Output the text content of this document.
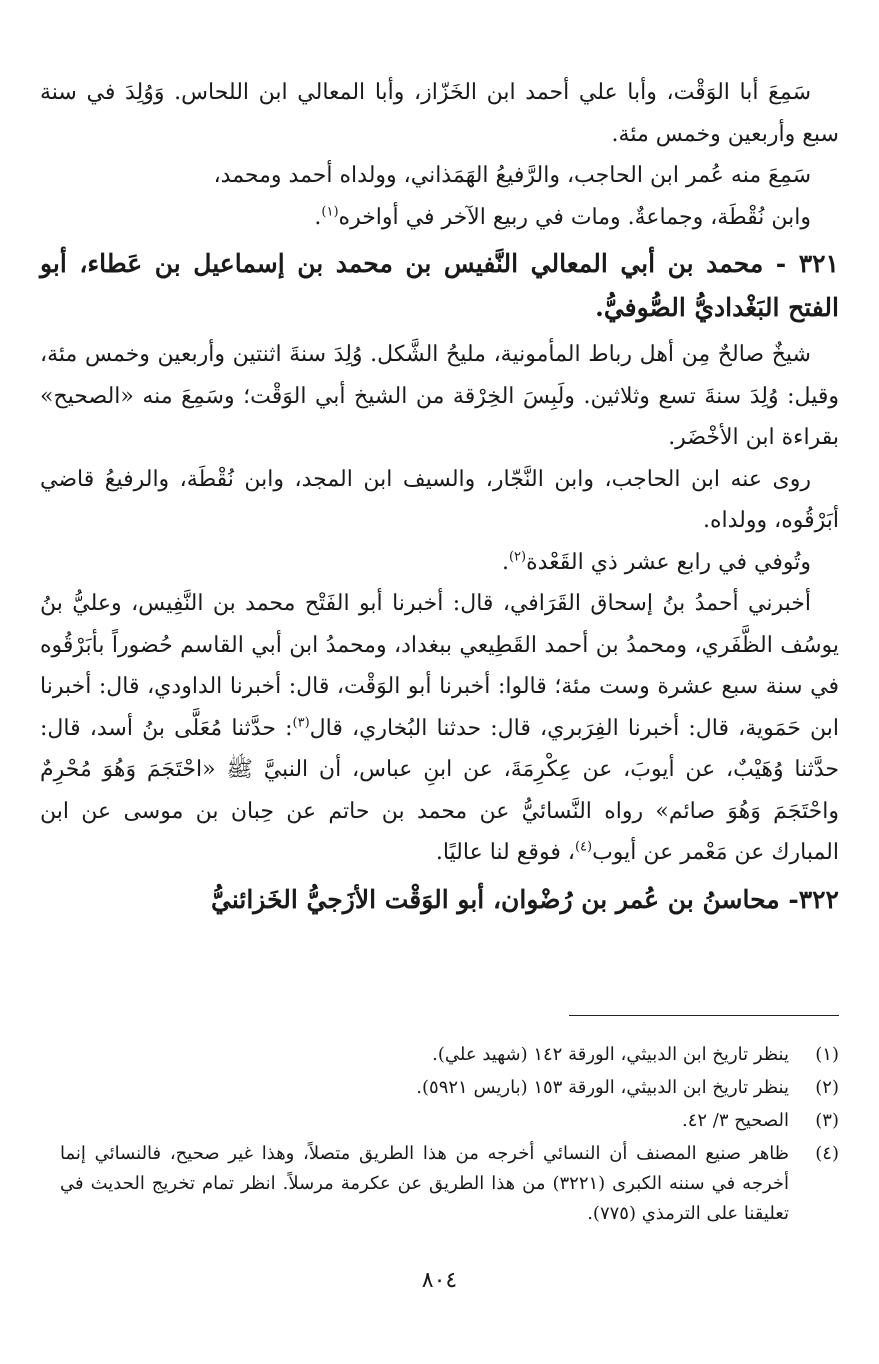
سَمِعَ أبا الوَقْت، وأبا علي أحمد ابن الخَزّاز، وأبا المعالي ابن اللحاس. وَوُلِدَ في سنة سبع وأربعين وخمس مئة.

سَمِعَ منه عُمر ابن الحاجب، والرَّفيعُ الهَمَذاني، وولداه أحمد ومحمد،

وابن نُقْطَة، وجماعةٌ. ومات في ربيع الآخر في أواخره$^{(١)}$.

٣٢١ - محمد بن أبي المعالي النَّفيس بن محمد بن إسماعيل بن عَطاء، أبو الفتح البَغْداديُّ الصُّوفيُّ.

شيخٌ صالحٌ مِن أهل رباط المأمونية، مليحُ الشَّكل. وُلِدَ سنةَ اثنتين وأربعين وخمس مئة، وقيل: وُلِدَ سنةَ تسع وثلاثين. ولَبِسَ الخِرْقة من الشيخ أبي الوَقْت؛ وسَمِعَ منه «الصحيح» بقراءة ابن الأخْضَر.

روى عنه ابن الحاجب، وابن النَّجّار، والسيف ابن المجد، وابن نُقْطَة، والرفيعُ قاضي أبَرْقُوه، وولداه.

وتُوفي في رابع عشر ذي القَعْدة$^{(٢)}$.

أخبرني أحمدُ بنُ إسحاق القَرَافي، قال: أخبرنا أبو الفَتْح محمد بن النَّفِيس، وعليُّ بنُ يوسُف الظَّفَري، ومحمدُ بن أحمد القَطِيعي ببغداد، ومحمدُ ابن أبي القاسم حُضوراً بأبَرْقُوه في سنة سبع عشرة وست مئة؛ قالوا: أخبرنا أبو الوَقْت، قال: أخبرنا الداودي، قال: أخبرنا ابن حَمَوية، قال: أخبرنا الفِرَبري، قال: حدثنا البُخاري، قال$^{(٣)}$: حدَّثنا مُعَلَّى بنُ أسد، قال: حدَّثنا وُهَيْبٌ، عن أيوبَ، عن عِكْرِمَةَ، عن ابنِ عباس، أن النبيَّ ﷺ «احْتَجَمَ وَهُوَ مُحْرِمٌ واحْتَجَمَ وَهُوَ صائم» رواه النَّسائيُّ عن محمد بن حاتم عن حِبان بن موسى عن ابن المبارك عن مَعْمر عن أيوب$^{(٤)}$، فوقع لنا عاليًا.

٣٢٢- محاسنُ بن عُمر بن رُضْوان، أبو الوَقْت الأزَجيُّ الخَزائنيُّ

(١)
ينظر تاريخ ابن الدبيثي، الورقة ١٤٢ (شهيد علي).
(٢)
ينظر تاريخ ابن الدبيثي، الورقة ١٥٣ (باريس ٥٩٢١).
(٣)
الصحيح ٣/ ٤٢.
(٤)
ظاهر صنيع المصنف أن النسائي أخرجه من هذا الطريق متصلاً، وهذا غير صحيح، فالنسائي إنما أخرجه في سننه الكبرى (٣٢٢١) من هذا الطريق عن عكرمة مرسلاً. انظر تمام تخريج الحديث في تعليقنا على الترمذي (٧٧٥).
٨٠٤
